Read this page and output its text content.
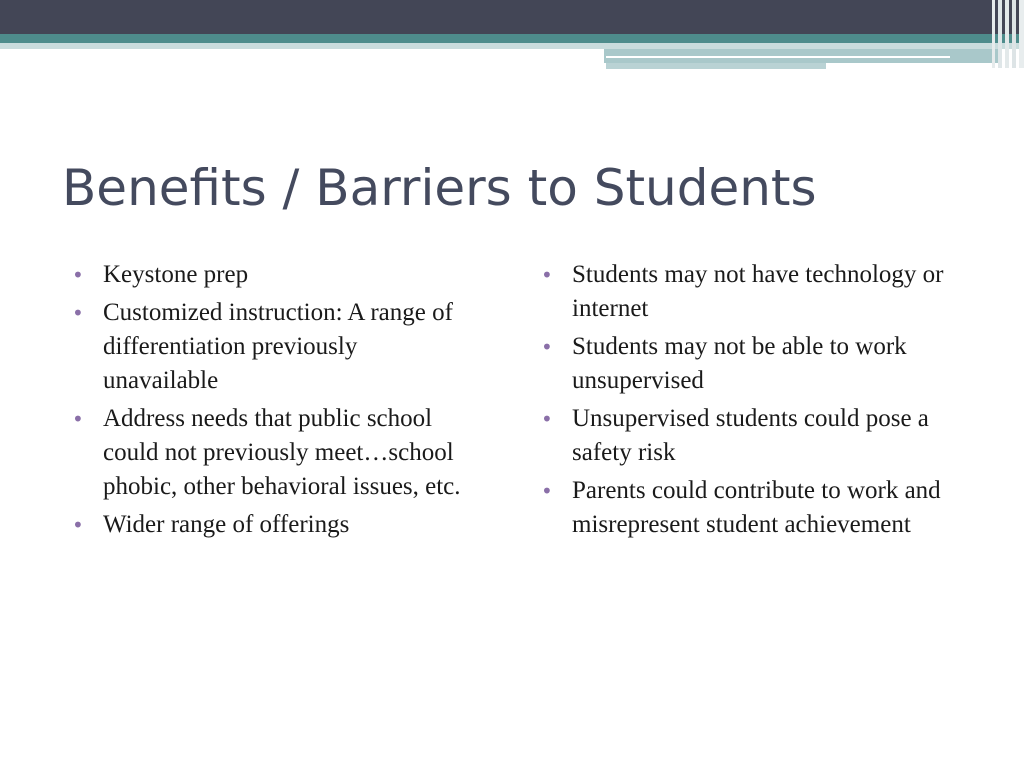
Benefits / Barriers to Students
• Keystone prep
• Customized instruction: A range of differentiation previously unavailable
• Address needs that public school could not previously meet…school phobic, other behavioral issues, etc.
• Wider range of offerings
• Students may not have technology or internet
• Students may not be able to work unsupervised
• Unsupervised students could pose a safety risk
• Parents could contribute to work and misrepresent student achievement
